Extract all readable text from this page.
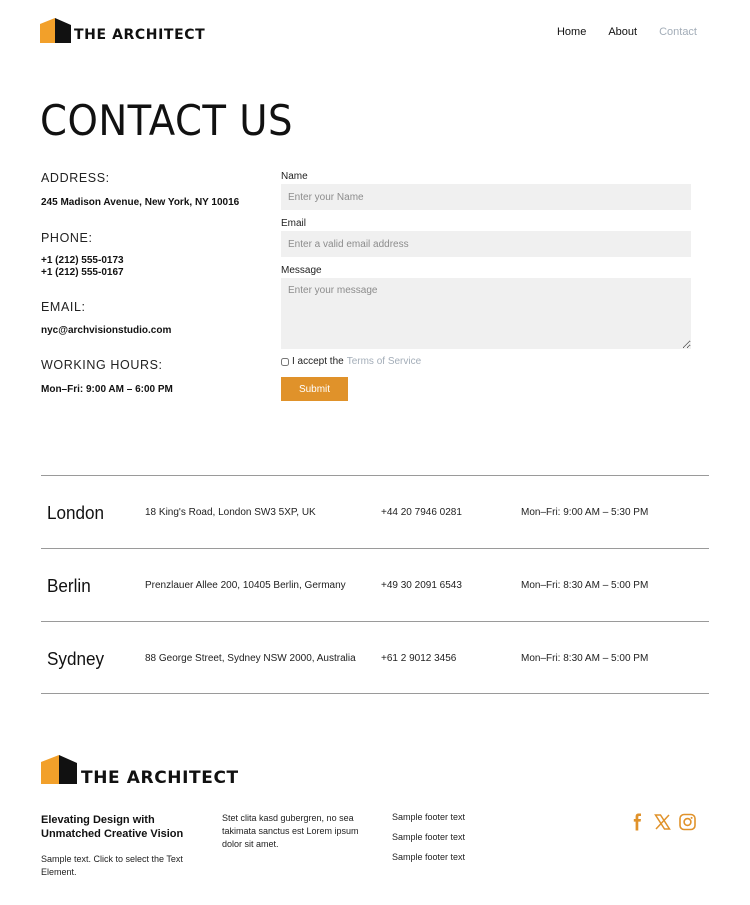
THE ARCHITECT	Home About Contact
CONTACT US
ADDRESS:
245 Madison Avenue, New York, NY 10016
PHONE:
+1 (212) 555-0173
+1 (212) 555-0167
EMAIL:
nyc@archvisionstudio.com
WORKING HOURS:
Mon–Fri: 9:00 AM – 6:00 PM
Name
Enter your Name
Email
Enter a valid email address
Message
Enter your message
I accept the Terms of Service
Submit
London	18 King's Road, London SW3 5XP, UK	+44 20 7946 0281	Mon–Fri: 9:00 AM – 5:30 PM
Berlin	Prenzlauer Allee 200, 10405 Berlin, Germany	+49 30 2091 6543	Mon–Fri: 8:30 AM – 5:00 PM
Sydney	88 George Street, Sydney NSW 2000, Australia	+61 2 9012 3456	Mon–Fri: 8:30 AM – 5:00 PM
THE ARCHITECT
Elevating Design with Unmatched Creative Vision
Sample text. Click to select the Text Element.
Stet clita kasd gubergren, no sea takimata sanctus est Lorem ipsum dolor sit amet.
Sample footer text
Sample footer text
Sample footer text
